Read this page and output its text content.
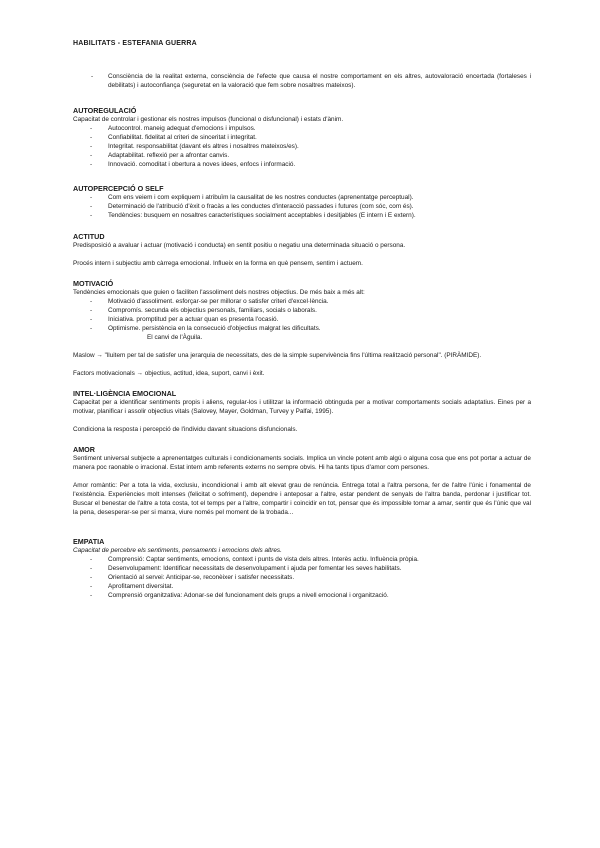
HABILITATS - ESTEFANIA GUERRA
- Consciència de la realitat externa, consciència de l'efecte que causa el nostre comportament en els altres, autovaloració encertada (fortaleses i debilitats) i autoconfiança (seguretat en la valoració que fem sobre nosaltres mateixos).
AUTOREGULACIÓ

Capacitat de controlar i gestionar els nostres impulsos (funcional o disfuncional) i estats d'ànim.

- Autocontrol. maneig adequat d'emocions i impulsos.
- Confiabilitat. fidelitat al criteri de sinceritat i integritat.
- Integritat. responsabilitat (davant els altres i nosaltres mateixos/es).
- Adaptabilitat. reflexió per a afrontar canvis.
- Innovació. comoditat i obertura a noves idees, enfocs i informació.
AUTOPERCEPCIÓ O SELF
- Com ens veiem i com expliquem i atribuïm la causalitat de les nostres conductes (aprenentatge perceptual).
- Determinació de l'atribució d'èxit o fracàs a les conductes d'interacció passades i futures (com sóc, com és).
- Tendències: busquem en nosaltres característiques socialment acceptables i desitjables (E intern i E extern).
ACTITUD

Predisposició a avaluar i actuar (motivació i conducta) en sentit positiu o negatiu una determinada situació o persona.

Procés intern i subjectiu amb càrrega emocional. Influeix en la forma en què pensem, sentim i actuem.

MOTIVACIÓ

Tendències emocionals que guien o faciliten l'assoliment dels nostres objectius. De més baix a més alt:

- Motivació d'assoliment. esforçar-se per millorar o satisfer criteri d'excel·lència.
- Compromís. secunda els objectius personals, familiars, socials o laborals.
- Iniciativa. promptitud per a actuar quan es presenta l'ocasió.
- Optimisme. persistència en la consecució d'objectius malgrat les dificultats.
El canvi de l'Àguila.

Maslow → "lluitem per tal de satisfer una jerarquia de necessitats, des de la simple supervivència fins l'última realització personal". (PIRÀMIDE).

Factors motivacionals → objectius, actitud, idea, suport, canvi i èxit.

INTEL·LIGÈNCIA EMOCIONAL

Capacitat per a identificar sentiments propis i aliens, regular-los i utilitzar la informació obtinguda per a motivar comportaments socials adaptatius. Eines per a motivar, planificar i assolir objectius vitals (Salovey, Mayer, Goldman, Turvey y Palfai, 1995).

Condiciona la resposta i percepció de l'individu davant situacions disfuncionals.

AMOR

Sentiment universal subjecte a aprenentatges culturals i condicionaments socials. Implica un vincle potent amb algú o alguna cosa que ens pot portar a actuar de manera poc raonable o irracional. Estat intern amb referents externs no sempre obvis. Hi ha tants tipus d'amor com persones.

Amor romàntic: Per a tota la vida, exclusiu, incondicional i amb alt elevat grau de renúncia. Entrega total a l'altra persona, fer de l'altre l'únic i fonamental de l'existència. Experiències molt intenses (felicitat o sofriment), dependre i anteposar a l'altre, estar pendent de senyals de l'altra banda, perdonar i justificar tot. Buscar el benestar de l'altre a tota costa, tot el temps per a l'altre, compartir i coincidir en tot, pensar que és impossible tornar a amar, sentir que és l'únic que val la pena, desesperar-se per si marxa, viure només pel moment de la trobada...

EMPATIA

Capacitat de percebre els sentiments, pensaments i emocions dels altres.

- Comprensió: Captar sentiments, emocions, context i punts de vista dels altres. Interès actiu. Influència pròpia.
- Desenvolupament: Identificar necessitats de desenvolupament i ajuda per fomentar les seves habilitats.
- Orientació al servei: Anticipar-se, reconèixer i satisfer necessitats.
- Aprofitament diversitat.
- Comprensió organitzativa: Adonar-se del funcionament dels grups a nivell emocional i organització.
